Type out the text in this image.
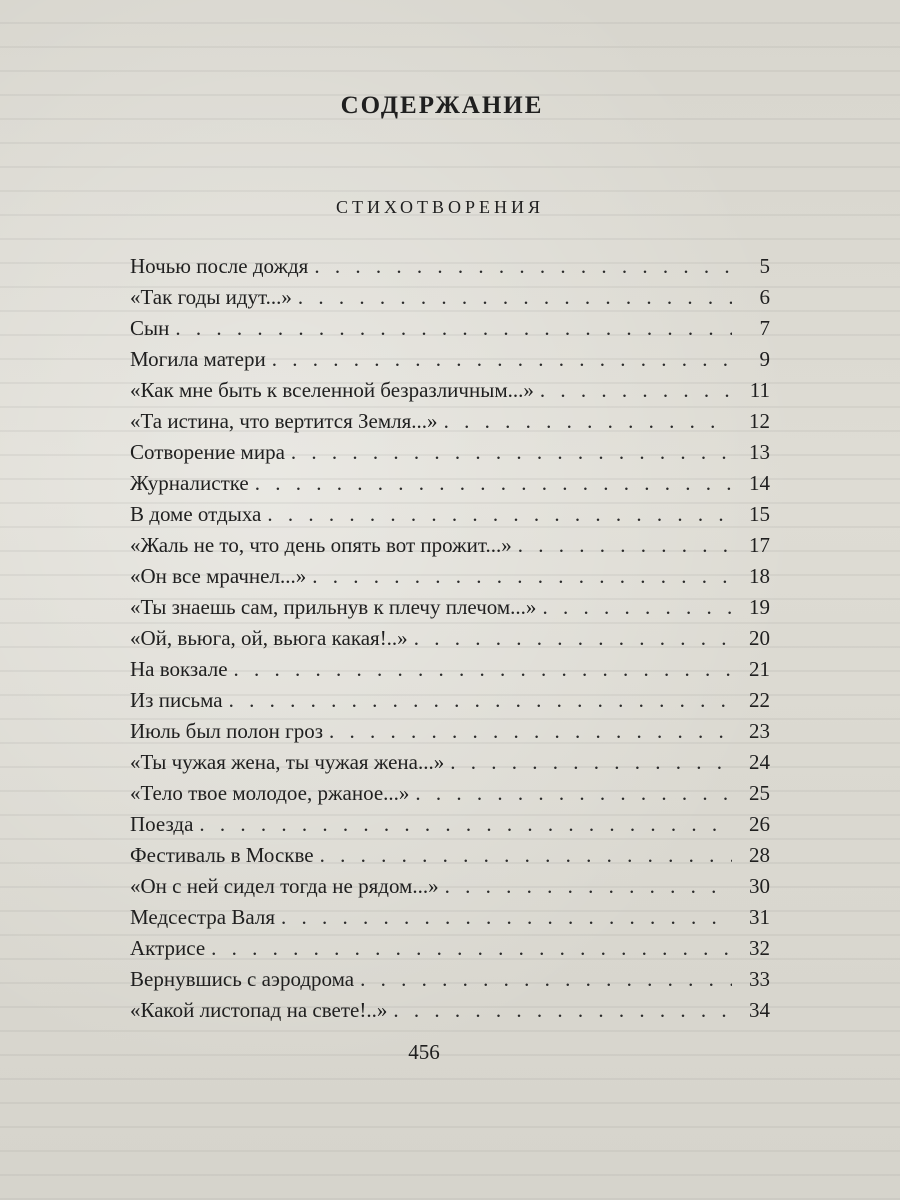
СОДЕРЖАНИЕ
СТИХОТВОРЕНИЯ
Ночью после дождя . . .	5
«Так годы идут...» . . .	6
Сын . . .	7
Могила матери . . .	9
«Как мне быть к вселенной безразличным...» . . .	11
«Та истина, что вертится Земля...» . . .	12
Сотворение мира . . .	13
Журналистке . . .	14
В доме отдыха . . .	15
«Жаль не то, что день опять вот прожит...» . . .	17
«Он все мрачнел...» . . .	18
«Ты знаешь сам, прильнув к плечу плечом...» . . .	19
«Ой, вьюга, ой, вьюга какая!..» . . .	20
На вокзале . . .	21
Из письма . . .	22
Июль был полон гроз . . .	23
«Ты чужая жена, ты чужая жена...» . . .	24
«Тело твое молодое, ржаное...» . . .	25
Поезда . . .	26
Фестиваль в Москве . . .	28
«Он с ней сидел тогда не рядом...» . . .	30
Медсестра Валя . . .	31
Актрисе . . .	32
Вернувшись с аэродрома . . .	33
«Какой листопад на свете!..» . . .	34
456
